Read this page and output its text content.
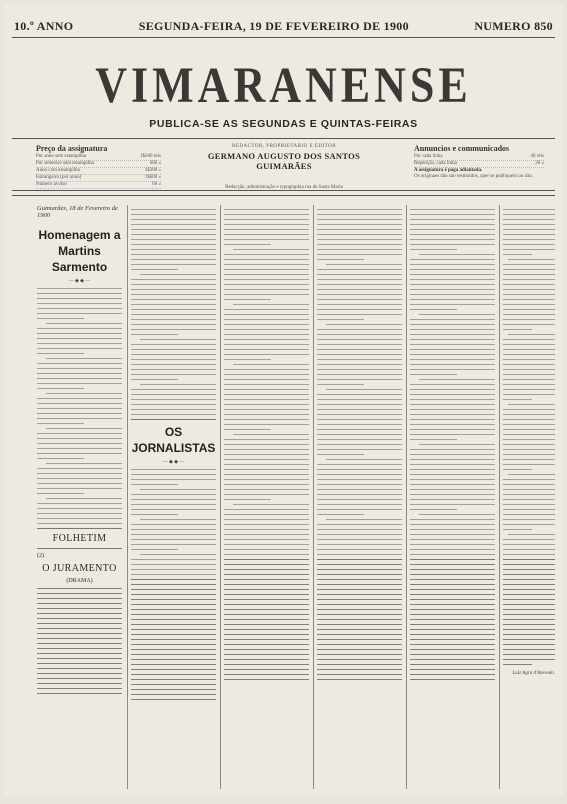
10.º ANNO	SEGUNDA-FEIRA, 19 DE FEVEREIRO DE 1900	NUMERO 850
VIMARANENSE
PUBLICA-SE AS SEGUNDAS E QUINTAS-FEIRAS
Preço da assignatura
Por anno sem estampilha	1$200 réis
Por semestre sem estampilha	600 »
Anno com estampilha	1$300 »
Estrangeiro (por anno)	1$600 »
Numero avulso	60 »
REDACTOR, PROPRIETARIO E EDITOR
GERMANO AUGUSTO DOS SANTOS GUIMARÃES
Redacção, administração e typographia rua de Santa Maria
Annuncios e communicados
Por cada linha	40 réis
Repetição, cada linha	20 »
A assignatura é paga adiantada.
Os originaes não são restituidos, quer se publiquem ou não.
Guimarães, 18 de Fevereiro de 1900
Homenagem a Martins Sarmento
— ◆ ◆ —
FOLHETIM
(2)
O JURAMENTO
(DRAMA)
OS JORNALISTAS
— ◆ ◆ —
Luiz Agra d'Azevedo.
